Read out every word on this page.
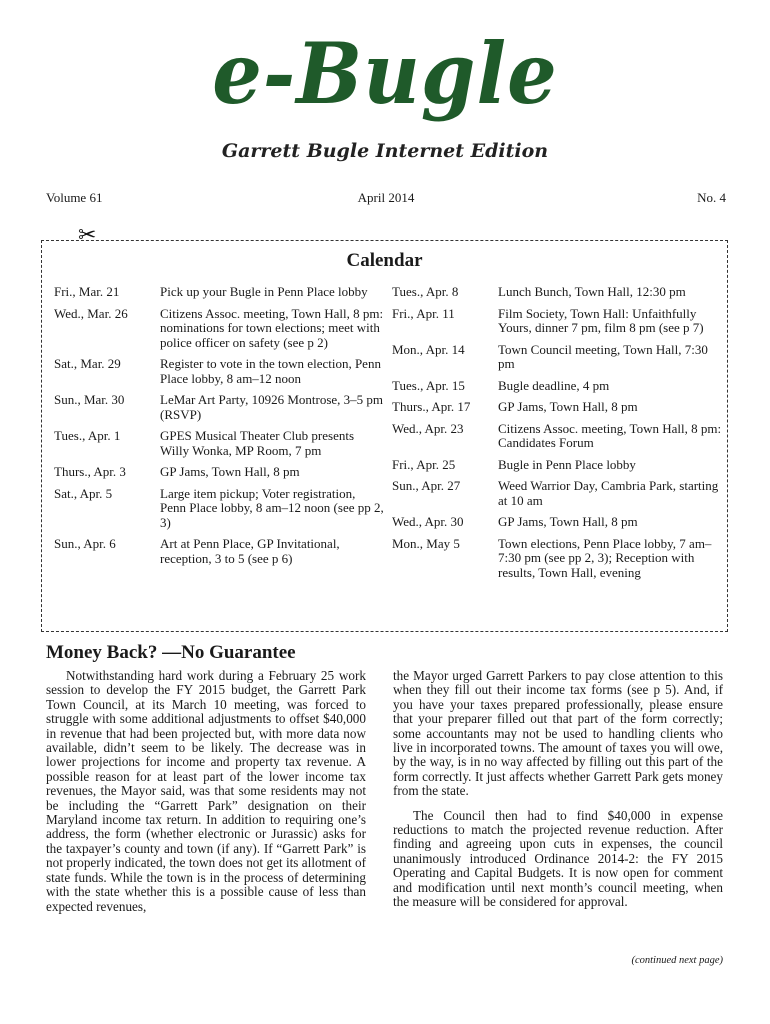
e-Bugle
Garrett Bugle Internet Edition
Volume 61	April 2014	No. 4
✂
Calendar
Fri., Mar. 21	Pick up your Bugle in Penn Place lobby
Wed., Mar. 26	Citizens Assoc. meeting, Town Hall, 8 pm: nominations for town elections; meet with police officer on safety (see p 2)
Sat., Mar. 29	Register to vote in the town election, Penn Place lobby, 8 am–12 noon
Sun., Mar. 30	LeMar Art Party, 10926 Montrose, 3–5 pm (RSVP)
Tues., Apr. 1	GPES Musical Theater Club presents Willy Wonka, MP Room, 7 pm
Thurs., Apr. 3	GP Jams, Town Hall, 8 pm
Sat., Apr. 5	Large item pickup; Voter registration, Penn Place lobby, 8 am–12 noon (see pp 2, 3)
Sun., Apr. 6	Art at Penn Place, GP Invitational, reception, 3 to 5 (see p 6)
Tues., Apr. 8	Lunch Bunch, Town Hall, 12:30 pm
Fri., Apr. 11	Film Society, Town Hall: Unfaithfully Yours, dinner 7 pm, film 8 pm (see p 7)
Mon., Apr. 14	Town Council meeting, Town Hall, 7:30 pm
Tues., Apr. 15	Bugle deadline, 4 pm
Thurs., Apr. 17	GP Jams, Town Hall, 8 pm
Wed., Apr. 23	Citizens Assoc. meeting, Town Hall, 8 pm: Candidates Forum
Fri., Apr. 25	Bugle in Penn Place lobby
Sun., Apr. 27	Weed Warrior Day, Cambria Park, starting at 10 am
Wed., Apr. 30	GP Jams, Town Hall, 8 pm
Mon., May 5	Town elections, Penn Place lobby, 7 am–7:30 pm (see pp 2, 3); Reception with results, Town Hall, evening
Money Back? —No Guarantee

Notwithstanding hard work during a February 25 work session to develop the FY 2015 budget, the Garrett Park Town Council, at its March 10 meeting, was forced to struggle with some additional adjustments to offset $40,000 in revenue that had been projected but, with more data now available, didn’t seem to be likely. The decrease was in lower projections for income and property tax revenue. A possible reason for at least part of the lower income tax revenues, the Mayor said, was that some residents may not be including the “Garrett Park” designation on their Maryland income tax return. In addition to requiring one’s address, the form (whether electronic or Jurassic) asks for the taxpayer’s county and town (if any). If “Garrett Park” is not properly indicated, the town does not get its allotment of state funds. While the town is in the process of determining with the state whether this is a possible cause of less than expected revenues,

the Mayor urged Garrett Parkers to pay close attention to this when they fill out their income tax forms (see p 5). And, if you have your taxes prepared professionally, please ensure that your preparer filled out that part of the form correctly; some accountants may not be used to handling clients who live in incorporated towns. The amount of taxes you will owe, by the way, is in no way affected by filling out this part of the form correctly. It just affects whether Garrett Park gets money from the state.

The Council then had to find $40,000 in expense reductions to match the projected revenue reduction. After finding and agreeing upon cuts in expenses, the council unanimously introduced Ordinance 2014-2: the FY 2015 Operating and Capital Budgets. It is now open for comment and modification until next month’s council meeting, when the measure will be considered for approval.

(continued next page)
